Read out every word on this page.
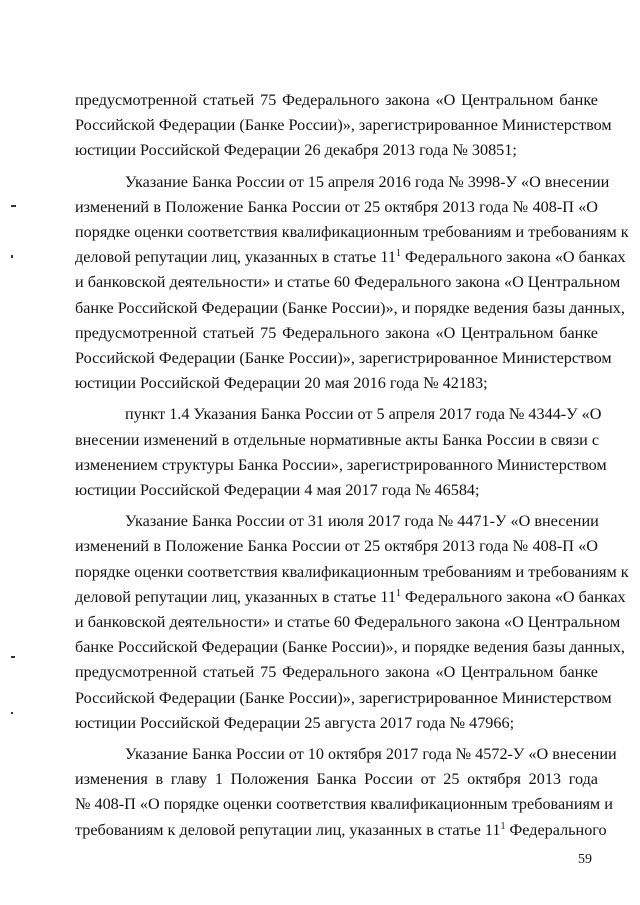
предусмотренной статьей 75 Федерального закона «О Центральном банке
Российской Федерации (Банке России)», зарегистрированное Министерством
юстиции Российской Федерации 26 декабря 2013 года № 30851;
Указание Банка России от 15 апреля 2016 года № 3998-У «О внесении
изменений в Положение Банка России от 25 октября 2013 года № 408-П «О
порядке оценки соответствия квалификационным требованиям и требованиям к
деловой репутации лиц, указанных в статье $11^1$ Федерального закона «О банках
и банковской деятельности» и статье 60 Федерального закона «О Центральном
банке Российской Федерации (Банке России)», и порядке ведения базы данных,
предусмотренной статьей 75 Федерального закона «О Центральном банке
Российской Федерации (Банке России)», зарегистрированное Министерством
юстиции Российской Федерации 20 мая 2016 года № 42183;
пункт 1.4 Указания Банка России от 5 апреля 2017 года № 4344-У «О
внесении изменений в отдельные нормативные акты Банка России в связи с
изменением структуры Банка России», зарегистрированного Министерством
юстиции Российской Федерации 4 мая 2017 года № 46584;
Указание Банка России от 31 июля 2017 года № 4471-У «О внесении
изменений в Положение Банка России от 25 октября 2013 года № 408-П «О
порядке оценки соответствия квалификационным требованиям и требованиям к
деловой репутации лиц, указанных в статье $11^1$ Федерального закона «О банках
и банковской деятельности» и статье 60 Федерального закона «О Центральном
банке Российской Федерации (Банке России)», и порядке ведения базы данных,
предусмотренной статьей 75 Федерального закона «О Центральном банке
Российской Федерации (Банке России)», зарегистрированное Министерством
юстиции Российской Федерации 25 августа 2017 года № 47966;
Указание Банка России от 10 октября 2017 года № 4572-У «О внесении
изменения в главу 1 Положения Банка России от 25 октября 2013 года
№ 408-П «О порядке оценки соответствия квалификационным требованиям и
требованиям к деловой репутации лиц, указанных в статье $11^1$ Федерального
59
